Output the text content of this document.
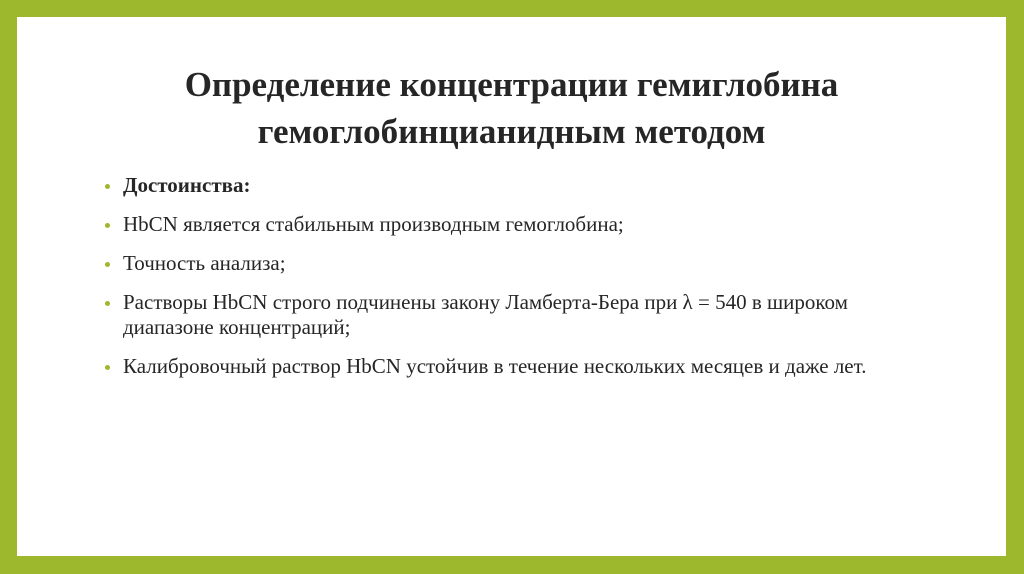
Определение концентрации гемиглобина
гемоглобинцианидным методом
Достоинства:
HbCN является стабильным производным гемоглобина;
Точность анализа;
Растворы HbCN строго подчинены закону Ламберта-Бера при λ = 540 в широком диапазоне концентраций;
Калибровочный раствор HbCN устойчив в течение нескольких месяцев и даже лет.
